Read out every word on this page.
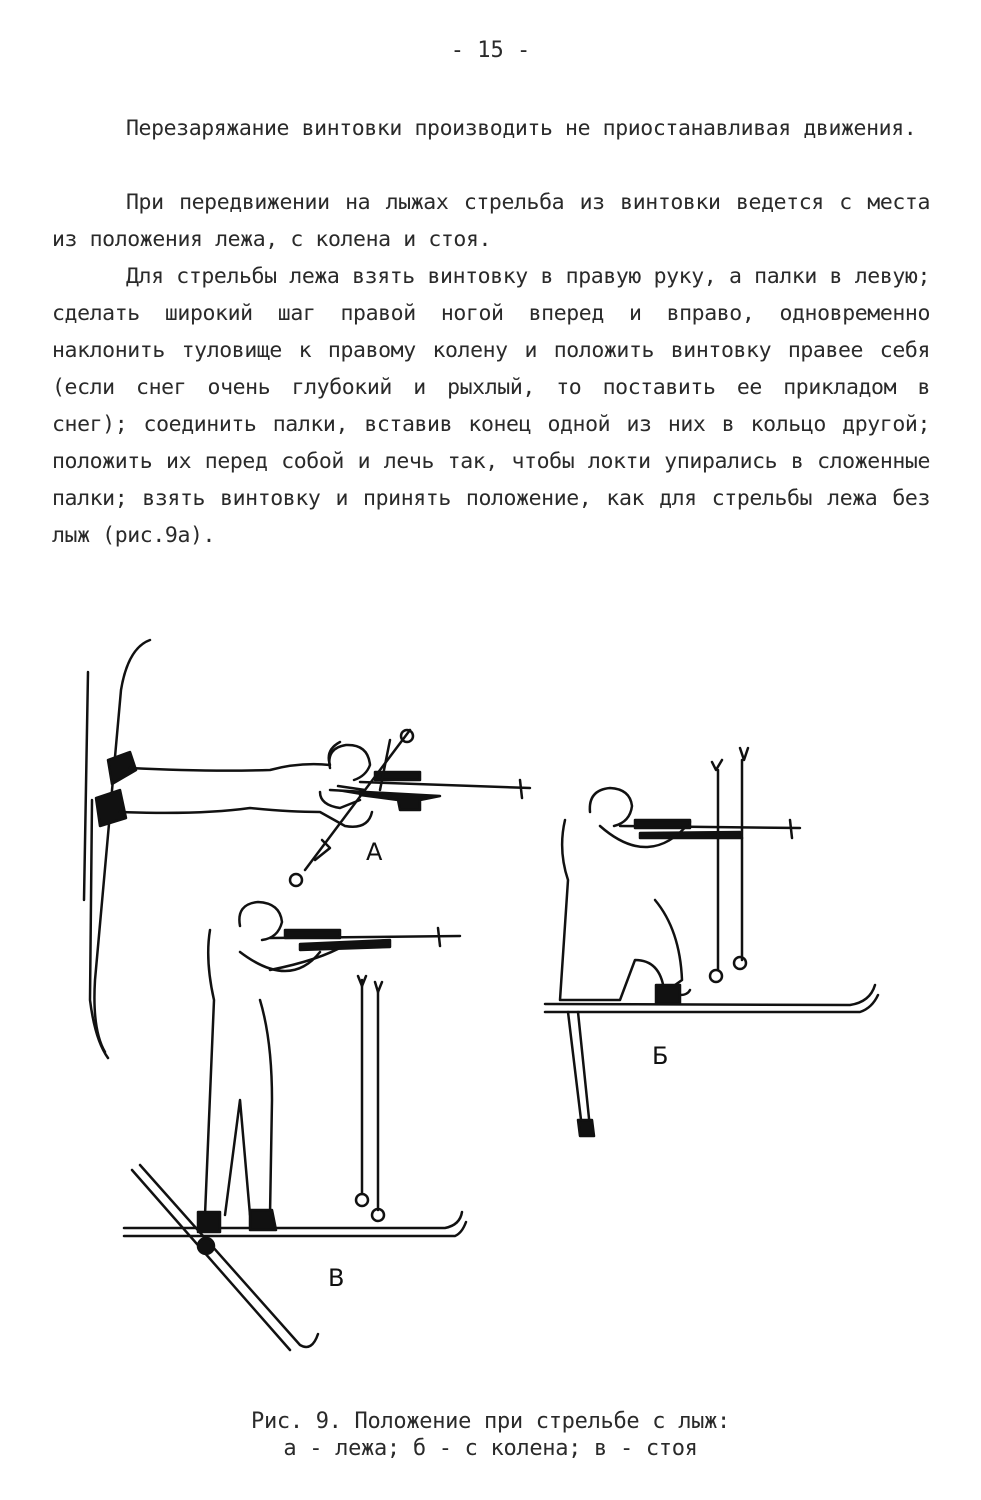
- 15 -

Перезаряжание винтовки производить не приостанавливая движения.

При передвижении на лыжах стрельба из винтовки ведется с места из положения лежа, с колена и стоя.

Для стрельбы лежа взять винтовку в правую руку, а палки в левую; сделать широкий шаг правой ногой вперед и вправо, одновременно наклонить туловище к правому колену и положить винтовку правее себя (если снег очень глубокий и рыхлый, то поставить ее прикладом в снег); соединить палки, вставив конец одной из них в кольцо другой; положить их перед собой и лечь так, чтобы локти упирались в сложенные палки; взять винтовку и принять положение, как для стрельбы лежа без лыж (рис.9а).

А
Б
В
Рис. 9. Положение при стрельбе с лыж:
а - лежа; б - с колена; в - стоя
